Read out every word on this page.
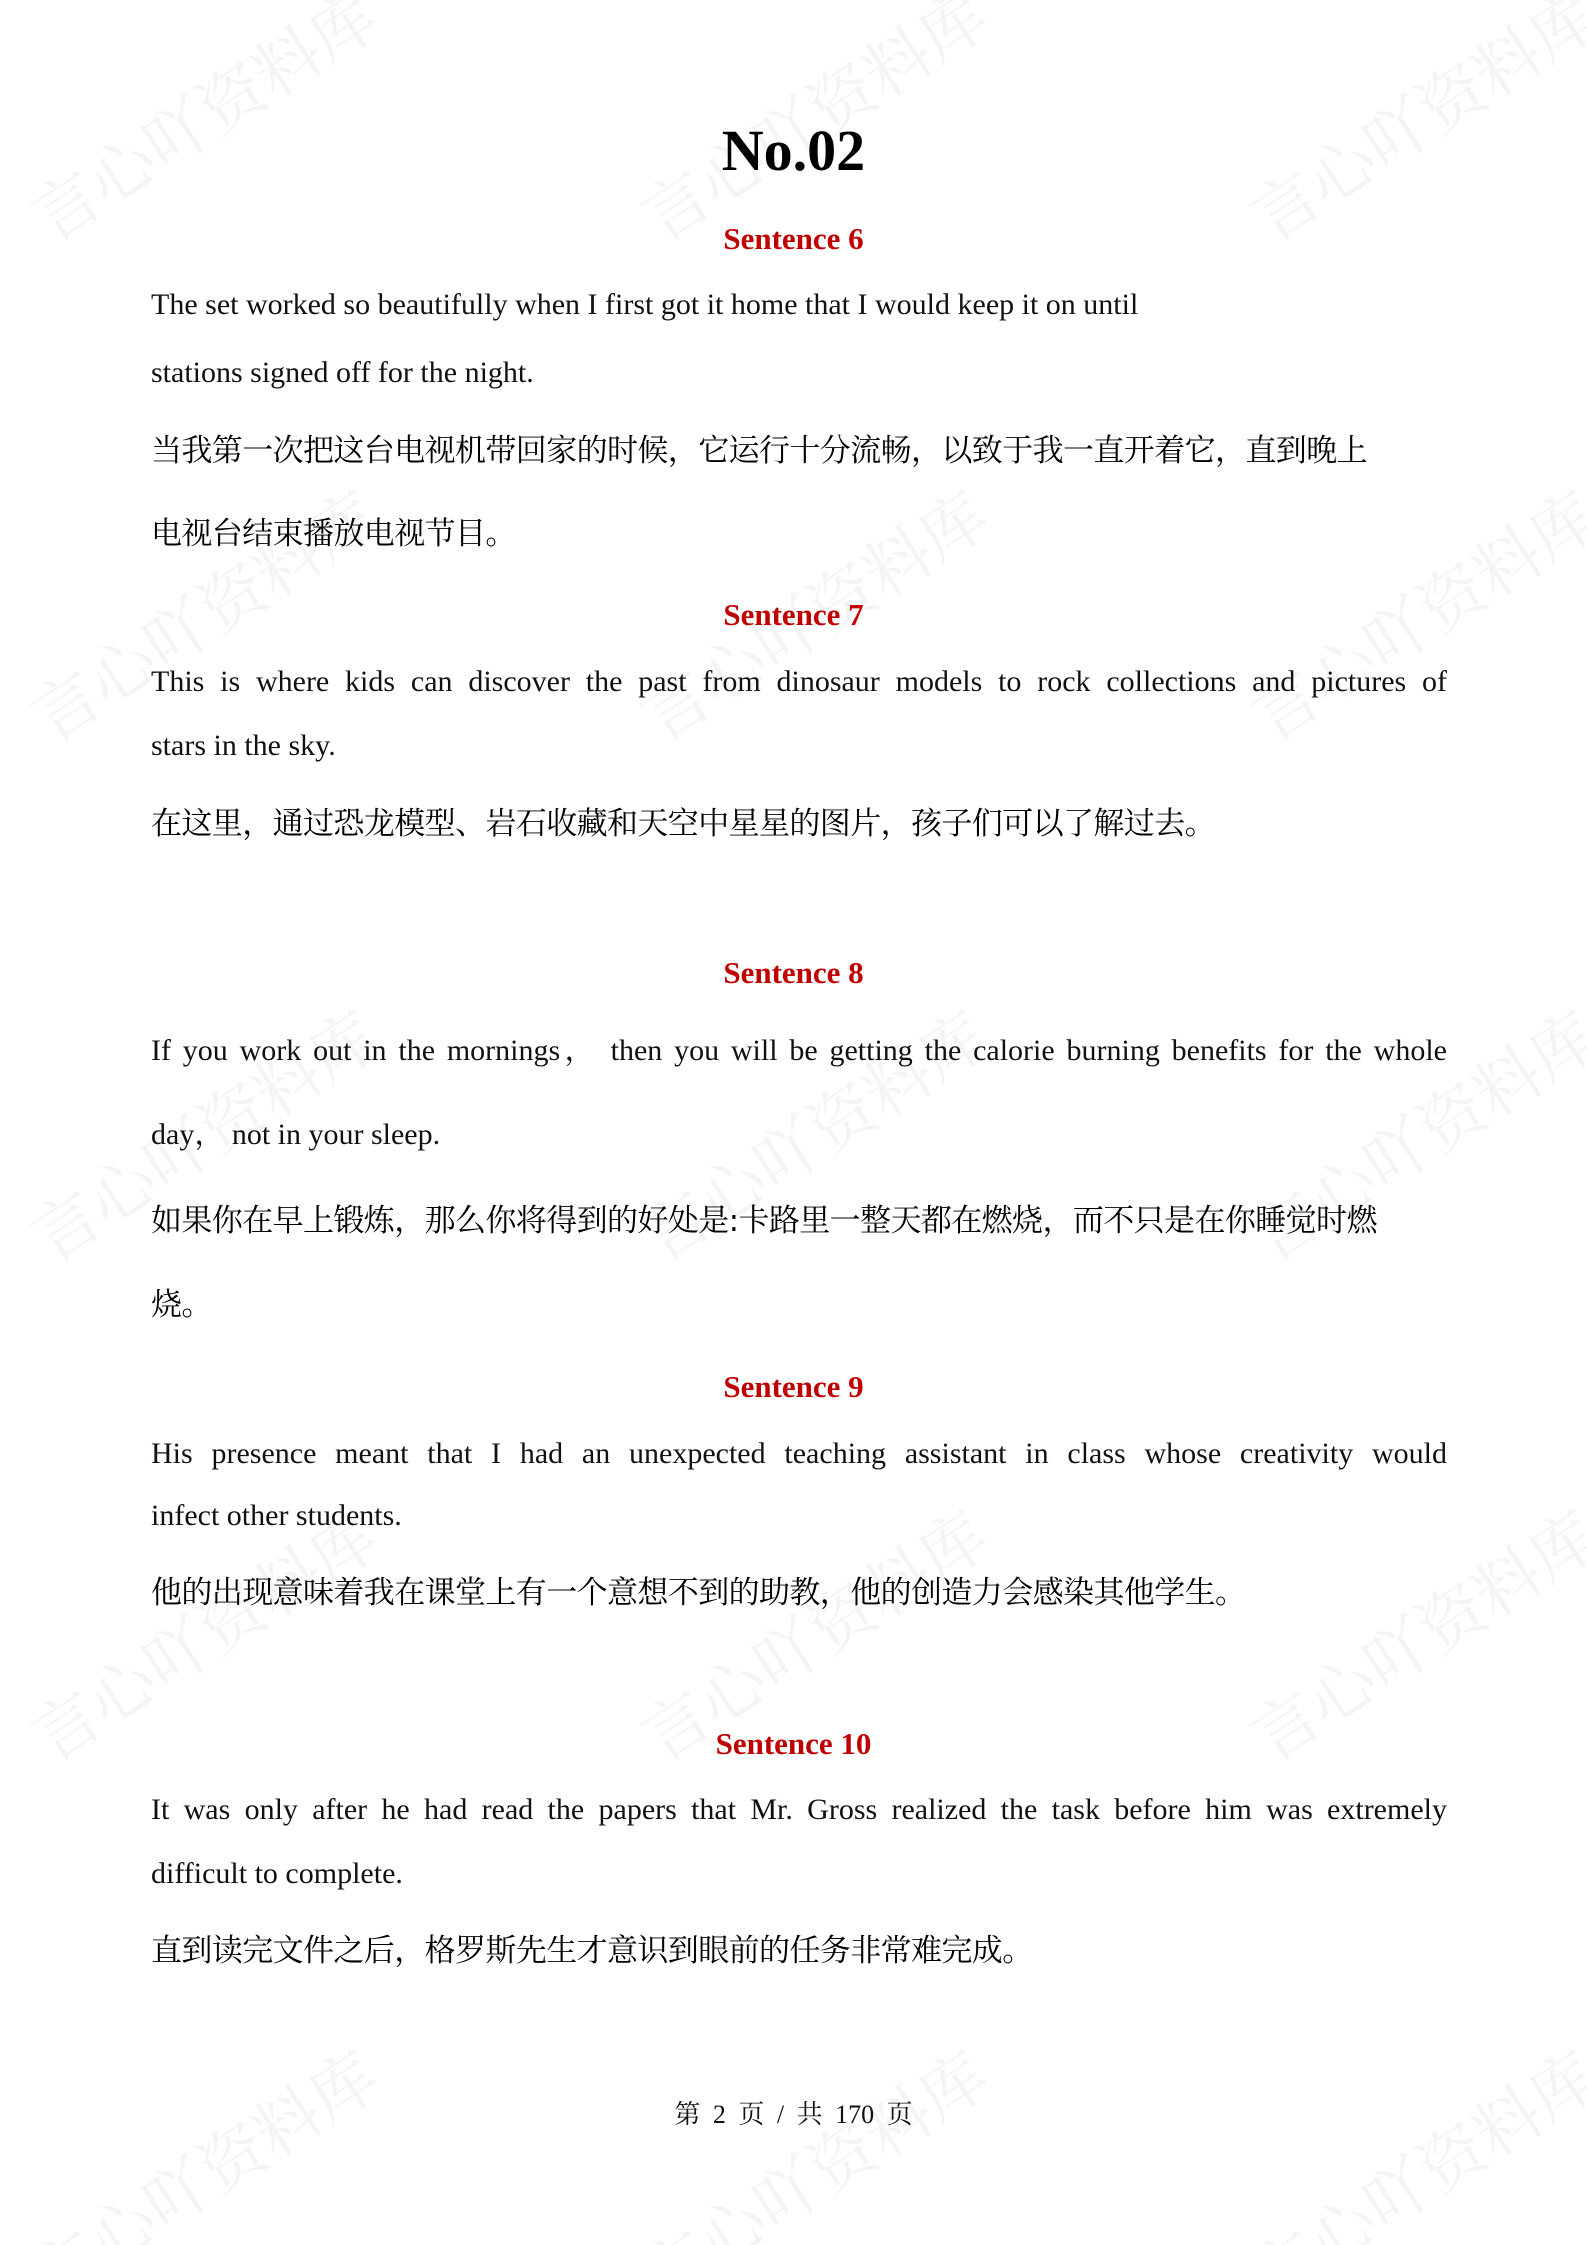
No.02
Sentence 6
The set worked so beautifully when I first got it home that I would keep it on until
stations signed off for the night.
当我第一次把这台电视机带回家的时候，它运行十分流畅，以致于我一直开着它，直到晚上
电视台结束播放电视节目。
Sentence 7
This is where kids can discover the past from dinosaur models to rock collections and pictures of
stars in the sky.
在这里，通过恐龙模型、岩石收藏和天空中星星的图片，孩子们可以了解过去。
Sentence 8
If you work out in the mornings， then you will be getting the calorie burning benefits for the whole
day， not in your sleep.
如果你在早上锻炼，那么你将得到的好处是:卡路里一整天都在燃烧，而不只是在你睡觉时燃
烧。
Sentence 9
His presence meant that I had an unexpected teaching assistant in class whose creativity would
infect other students.
他的出现意味着我在课堂上有一个意想不到的助教，他的创造力会感染其他学生。
Sentence 10
It was only after he had read the papers that Mr. Gross realized the task before him was extremely
difficult to complete.
直到读完文件之后，格罗斯先生才意识到眼前的任务非常难完成。
第 2 页 / 共 170 页
